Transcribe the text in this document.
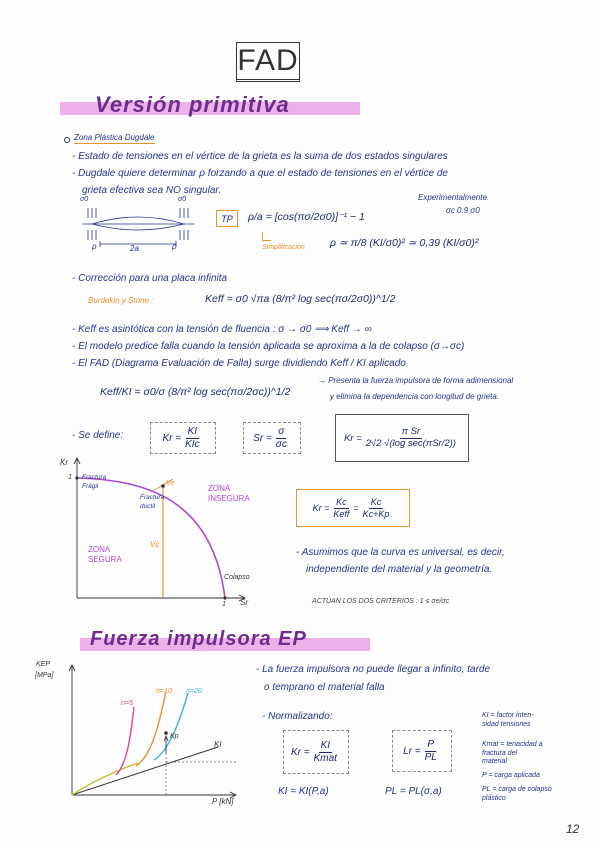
FAD
Versión primitiva
Zona Plástica Dugdale
- Estado de tensiones en el vértice de la grieta es la suma de dos estados singulares
- Dugdale quiere determinar ρ forzando a que el estado de tensiones en el vértice de
grieta efectiva sea NO singular.
Experimentalmente
σc 0.9 σ0
σ0	σ0
ρ	2a	ρ
TP	ρ/a = [cos(πσ/2σ0)]⁻¹ − 1
Simplificación ρ ≃ π/8 (KI/σ0)² ≃ 0,39 (KI/σ0)²
- Corrección para una placa infinita
Burdekin y Stone :	Keff = σ0 √πa (8/π² log sec(πσ/2σ0))^1/2
- Keff es asintótica con la tensión de fluencia : σ → σ0 ⟹ Keff → ∞
- El modelo predice falla cuando la tensión aplicada se aproxima a la de colapso (σ→σc)
- El FAD (Diagrama Evaluación de Falla) surge dividiendo Keff / KI aplicado
Keff/KI = σ0/σ (8/π² log sec(πσ/2σc))^1/2
→ Presenta la fuerza impulsora de forma adimensional
y elimina la dependencia con longitud de grieta.
- Se define:	$Kr = \frac{KI}{\text{KIc}}$	$Sr = \frac{\sigma}{\sigma c}$	$Kr = \frac{\text{π Sr}}{\text{2√2 √(log sec(πSr/2))}}$
Kr
1 Fractura
Frágil
Fractura
dúctil
Ve
Vc
ZONA
INSEGURA
ZONA
SEGURA
Colapso
1 Sr
$Kr = \frac{Kc}{\text{Keff}} = \frac{Kc}{Kc+Kp}$
- Asumimos que la curva es universal, es decir,
independiente del material y la geometría.
ACTÚAN LOS DOS CRITERIOS : 1 ≤ σe/σc
Fuerza impulsora EP
KEP
[MPa]
n=5
n=10 n=20
Kp
KI
P [kN]
- La fuerza impulsora no puede llegar a infinito, tarde
o temprano el material falla
- Normalizando:
$Kr = \frac{KI}{\text{Kmat}}$	$Lr = \frac{P}{PL}$
KI = KI(P,a)	PL = PL(σ,a)
KI = factor inten-
sidad tensiones
Kmat = tenacidad a
fractura del
material
P = carga aplicada
PL = carga de colapso
plástico
12
